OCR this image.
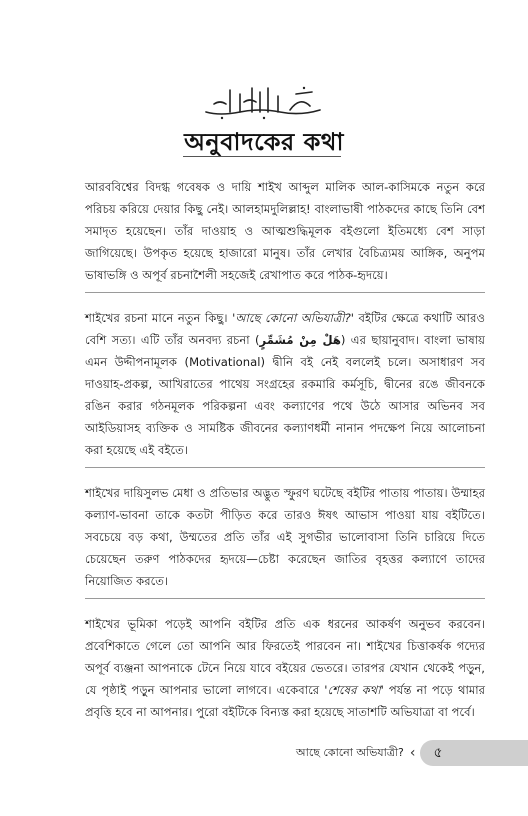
অনুবাদকের কথা

আরববিশ্বের বিদগ্ধ গবেষক ও দায়ি শাইখ আব্দুল মালিক আল-কাসিমকে নতুন করে পরিচয় করিয়ে দেয়ার কিছু নেই। আলহামদুলিল্লাহ! বাংলাভাষী পাঠকদের কাছে তিনি বেশ সমাদৃত হয়েছেন। তাঁর দাওয়াহ ও আত্মশুদ্ধিমূলক বইগুলো ইতিমধ্যে বেশ সাড়া জাগিয়েছে। উপকৃত হয়েছে হাজারো মানুষ। তাঁর লেখার বৈচিত্র্যময় আঙ্গিক, অনুপম ভাষাভঙ্গি ও অপূর্ব রচনাশৈলী সহজেই রেখাপাত করে পাঠক-হৃদয়ে।

শাইখের রচনা মানে নতুন কিছু। 'আছে কোনো অভিযাত্রী?' বইটির ক্ষেত্রে কথাটি আরও বেশি সত্য। এটি তাঁর অনবদ্য রচনা (هَلْ مِنْ مُشَمِّرٍ) এর ছায়ানুবাদ। বাংলা ভাষায় এমন উদ্দীপনামূলক (Motivational) দ্বীনি বই নেই বললেই চলে। অসাধারণ সব দাওয়াহ-প্রকল্প, আখিরাতের পাথেয় সংগ্রহের রকমারি কর্মসূচি, দ্বীনের রঙে জীবনকে রঙিন করার গঠনমূলক পরিকল্পনা এবং কল্যাণের পথে উঠে আসার অভিনব সব আইডিয়াসহ ব্যক্তিক ও সামষ্টিক জীবনের কল্যাণধর্মী নানান পদক্ষেপ নিয়ে আলোচনা করা হয়েছে এই বইতে।

শাইখের দায়িসুলভ মেধা ও প্রতিভার অদ্ভুত স্ফুরণ ঘটেছে বইটির পাতায় পাতায়। উম্মাহর কল্যাণ-ভাবনা তাকে কতটা পীড়িত করে তারও ঈষৎ আভাস পাওয়া যায় বইটিতে। সবচেয়ে বড় কথা, উম্মতের প্রতি তাঁর এই সুগভীর ভালোবাসা তিনি চারিয়ে দিতে চেয়েছেন তরুণ পাঠকদের হৃদয়ে—চেষ্টা করেছেন জাতির বৃহত্তর কল্যাণে তাদের নিয়োজিত করতে।

শাইখের ভূমিকা পড়েই আপনি বইটির প্রতি এক ধরনের আকর্ষণ অনুভব করবেন। প্রবেশিকাতে গেলে তো আপনি আর ফিরতেই পারবেন না। শাইখের চিত্তাকর্ষক গদ্যের অপূর্ব ব্যঞ্জনা আপনাকে টেনে নিয়ে যাবে বইয়ের ভেতরে। তারপর যেখান থেকেই পড়ুন, যে পৃষ্ঠাই পড়ুন আপনার ভালো লাগবে। একেবারে 'শেষের কথা' পর্যন্ত না পড়ে থামার প্রবৃত্তি হবে না আপনার। পুরো বইটিকে বিন্যস্ত করা হয়েছে সাতাশটি অভিযাত্রা বা পর্বে।

আছে কোনো অভিযাত্রী? ‹ ৫
